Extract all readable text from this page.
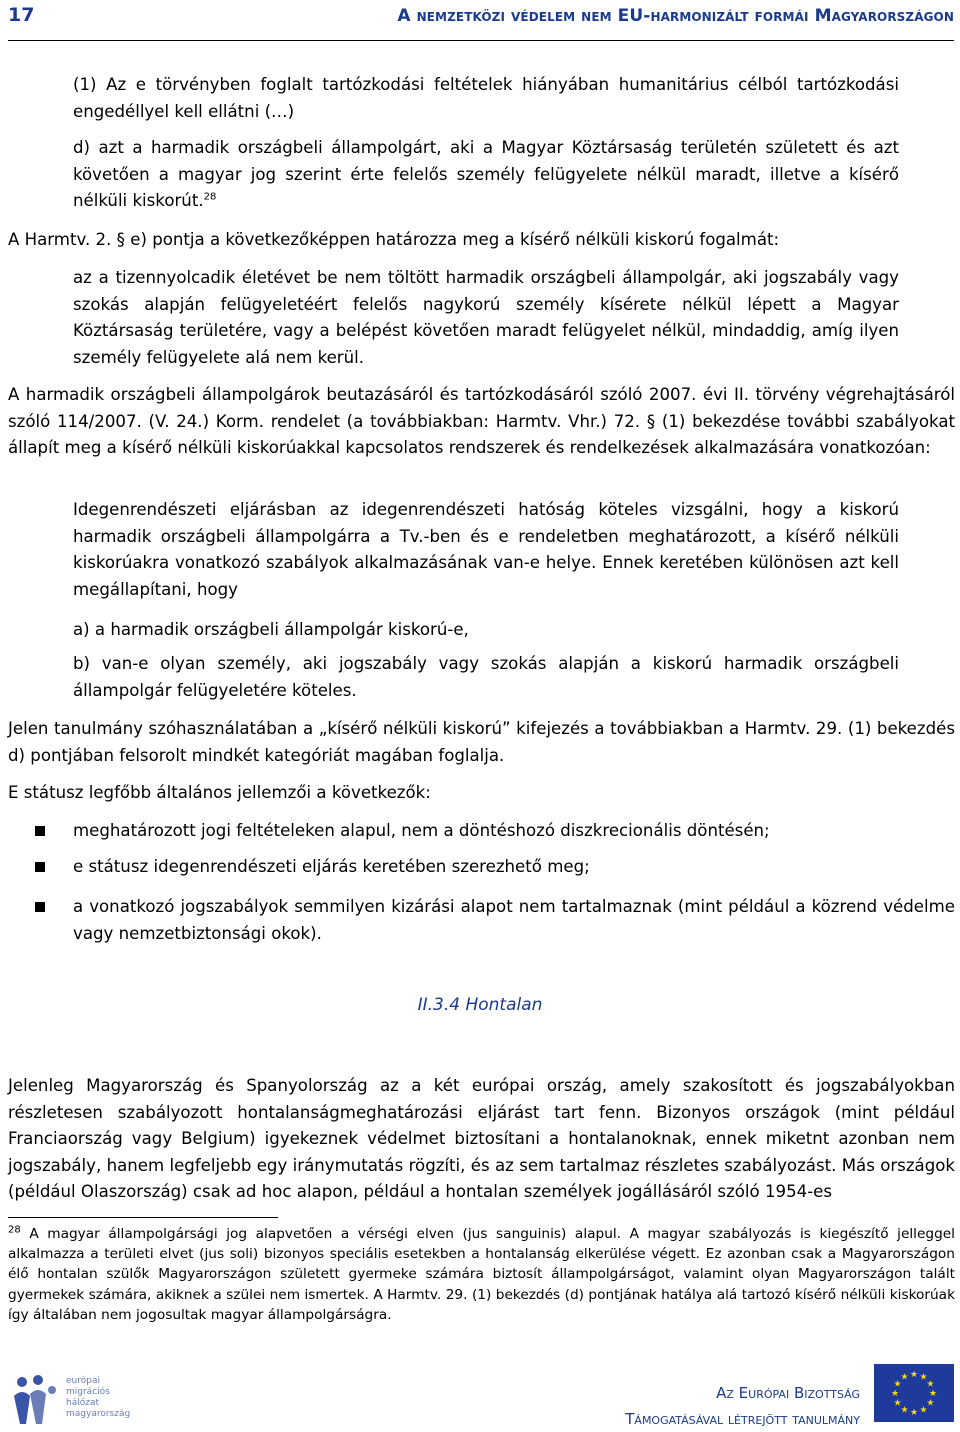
17	A nemzetközi védelem nem EU-harmonizált formái Magyarországon

(1) Az e törvényben foglalt tartózkodási feltételek hiányában humanitárius célból tartózkodási engedéllyel kell ellátni (…)

d) azt a harmadik országbeli állampolgárt, aki a Magyar Köztársaság területén született és azt követően a magyar jog szerint érte felelős személy felügyelete nélkül maradt, illetve a kísérő nélküli kiskorút.$^{28}$

A Harmtv. 2. § e) pontja a következőképpen határozza meg a kísérő nélküli kiskorú fogalmát:

az a tizennyolcadik életévet be nem töltött harmadik országbeli állampolgár, aki jogszabály vagy szokás alapján felügyeletéért felelős nagykorú személy kísérete nélkül lépett a Magyar Köztársaság területére, vagy a belépést követően maradt felügyelet nélkül, mindaddig, amíg ilyen személy felügyelete alá nem kerül.

A harmadik országbeli állampolgárok beutazásáról és tartózkodásáról szóló 2007. évi II. törvény végrehajtásáról szóló 114/2007. (V. 24.) Korm. rendelet (a továbbiakban: Harmtv. Vhr.) 72. § (1) bekezdése további szabályokat állapít meg a kísérő nélküli kiskorúakkal kapcsolatos rendszerek és rendelkezések alkalmazására vonatkozóan:

Idegenrendészeti eljárásban az idegenrendészeti hatóság köteles vizsgálni, hogy a kiskorú harmadik országbeli állampolgárra a Tv.-ben és e rendeletben meghatározott, a kísérő nélküli kiskorúakra vonatkozó szabályok alkalmazásának van-e helye. Ennek keretében különösen azt kell megállapítani, hogy

a) a harmadik országbeli állampolgár kiskorú-e,

b) van-e olyan személy, aki jogszabály vagy szokás alapján a kiskorú harmadik országbeli állampolgár felügyeletére köteles.

Jelen tanulmány szóhasználatában a „kísérő nélküli kiskorú” kifejezés a továbbiakban a Harmtv. 29. (1) bekezdés d) pontjában felsorolt mindkét kategóriát magában foglalja.

E státusz legfőbb általános jellemzői a következők:

meghatározott jogi feltételeken alapul, nem a döntéshozó diszkrecionális döntésén;
e státusz idegenrendészeti eljárás keretében szerezhető meg;
a vonatkozó jogszabályok semmilyen kizárási alapot nem tartalmaznak (mint például a közrend védelme vagy nemzetbiztonsági okok).
II.3.4 Hontalan

Jelenleg Magyarország és Spanyolország az a két európai ország, amely szakosított és jogszabályokban részletesen szabályozott hontalanságmeghatározási eljárást tart fenn. Bizonyos országok (mint például Franciaország vagy Belgium) igyekeznek védelmet biztosítani a hontalanoknak, ennek miketnt azonban nem jogszabály, hanem legfeljebb egy iránymutatás rögzíti, és az sem tartalmaz részletes szabályozást. Más országok (például Olaszország) csak ad hoc alapon, például a hontalan személyek jogállásáról szóló 1954-es

$^{28}$ A magyar állampolgársági jog alapvetően a vérségi elven (jus sanguinis) alapul. A magyar szabályozás is kiegészítő jelleggel alkalmazza a területi elvet (jus soli) bizonyos speciális esetekben a hontalanság elkerülése végett. Ez azonban csak a Magyarországon élő hontalan szülők Magyarországon született gyermeke számára biztosít állampolgárságot, valamint olyan Magyarországon talált gyermekek számára, akiknek a szülei nem ismertek. A Harmtv. 29. (1) bekezdés (d) pontjának hatálya alá tartozó kísérő nélküli kiskorúak így általában nem jogosultak magyar állampolgárságra.
európai
migrációs hálózat
magyarország
Az Európai Bizottság
Támogatásával létrejött tanulmány
★
★
★
★
★
★
★
★
★ ★ ★
★
